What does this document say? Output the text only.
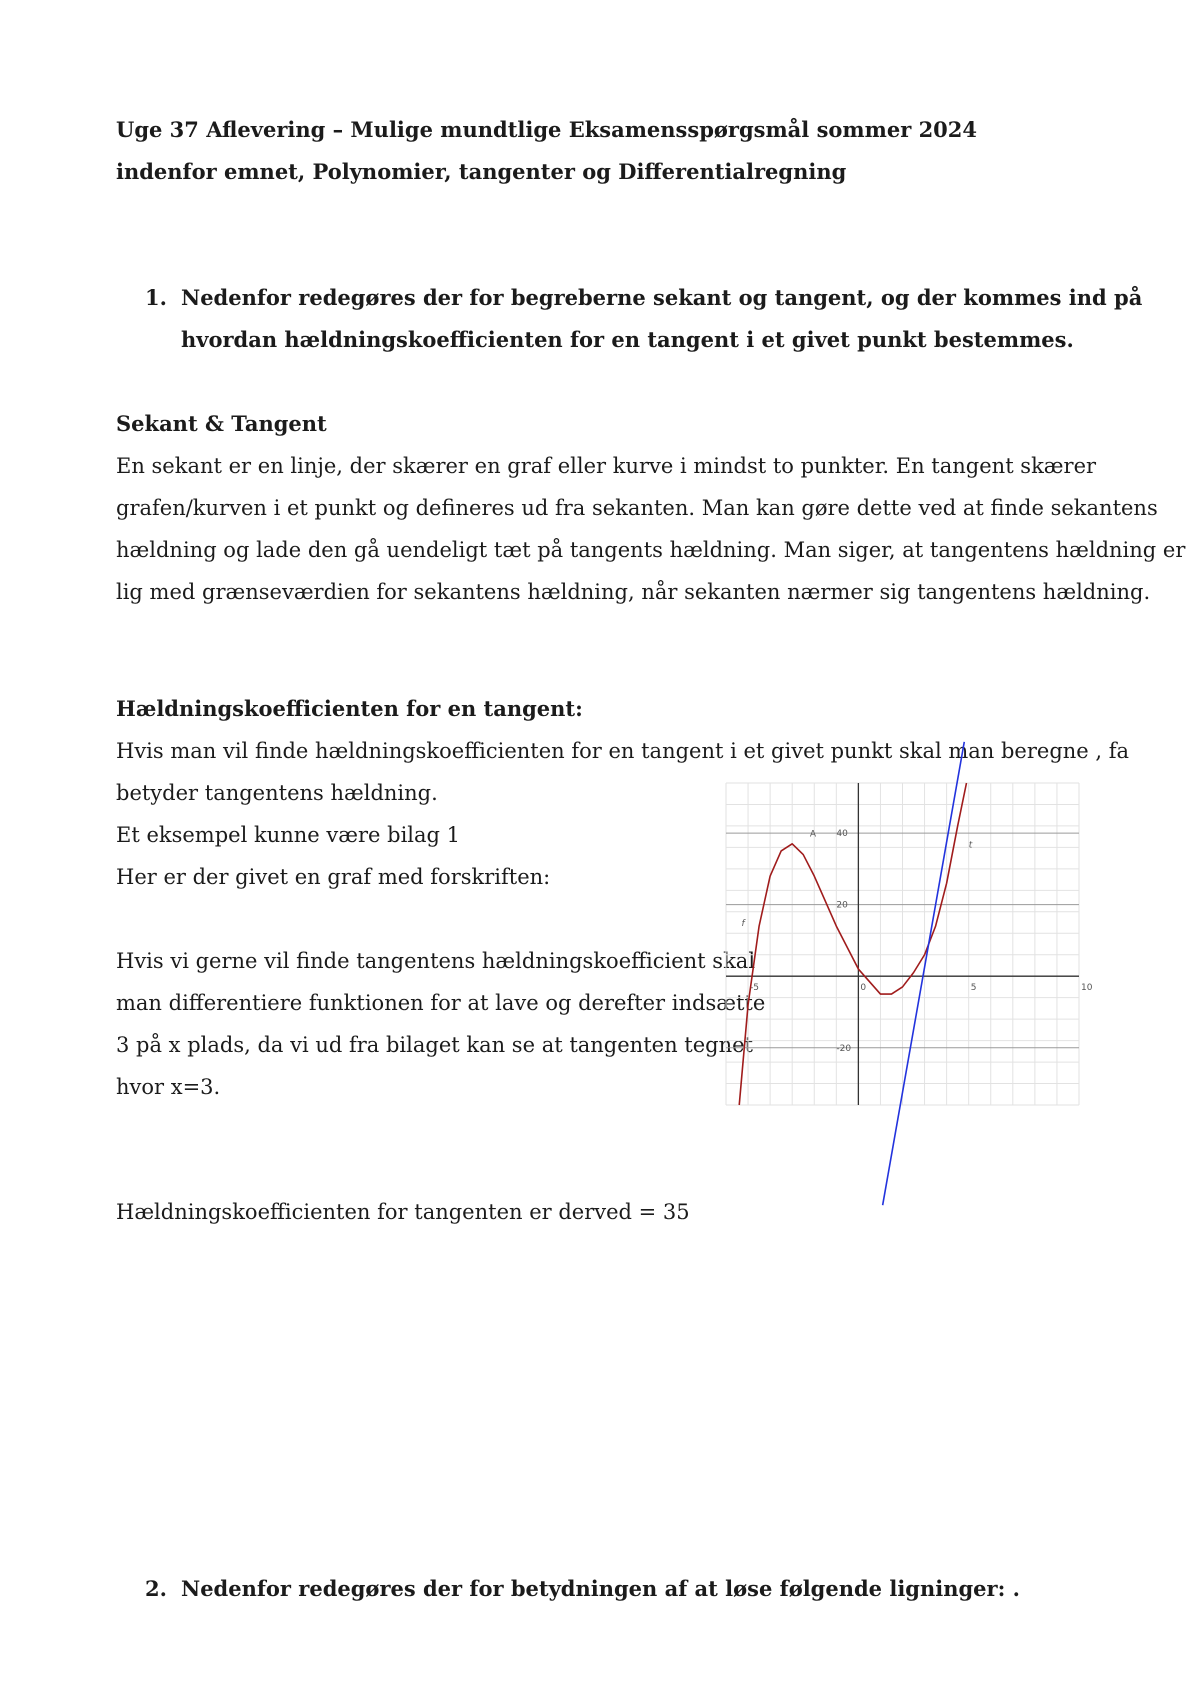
Uge 37 Aflevering – Mulige mundtlige Eksamensspørgsmål sommer 2024
indenfor emnet, Polynomier, tangenter og Differentialregning
1. Nedenfor redegøres der for begreberne sekant og tangent, og der kommes ind på
hvordan hældningskoefficienten for en tangent i et givet punkt bestemmes.
Sekant & Tangent
En sekant er en linje, der skærer en graf eller kurve i mindst to punkter. En tangent skærer
grafen/kurven i et punkt og defineres ud fra sekanten. Man kan gøre dette ved at finde sekantens
hældning og lade den gå uendeligt tæt på tangents hældning. Man siger, at tangentens hældning er
lig med grænseværdien for sekantens hældning, når sekanten nærmer sig tangentens hældning.
Hældningskoefficienten for en tangent:
Hvis man vil finde hældningskoefficienten for en tangent i et givet punkt skal man beregne , fa
betyder tangentens hældning.
Et eksempel kunne være bilag 1
Her er der givet en graf med forskriften:
Hvis vi gerne vil finde tangentens hældningskoefficient skal
man differentiere funktionen for at lave og derefter indsætte
3 på x plads, da vi ud fra bilaget kan se at tangenten tegnet
hvor x=3.
Hældningskoefficienten for tangenten er derved = 35
-5	0	5	10
40
20
-20
f
t
A
2. Nedenfor redegøres der for betydningen af at løse følgende ligninger: .
